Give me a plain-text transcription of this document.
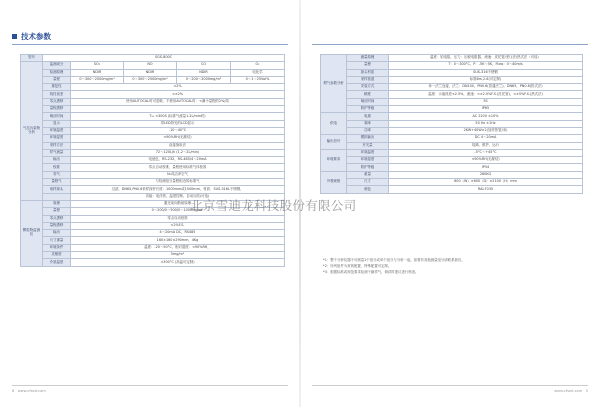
技术参数
型号	SGS-800C				
气态污染物分析	监测成分	SO₂	NO	CO	O₂
	检测原理	NDIR	NDIR	NDIR	电化学
	量程	0～300～2000mg/m³	0～300～2500mg/m³	0～200～2000mg/m³	0～1～25Vol%
	重复性	<2%			
	线性误差	<±2%			
	零点漂移	使用AUTOCAL时可忽略，不使用AUTOCAL时：<满小量程的2%/周			
	量程漂移				
	响应时间	T₉₀ <300S (标准气流量1.2L/min时)			
	显示	带LED背光的LCD显示			
	环境温度	-10～40°C			
	环境湿度	<90%RH(无凝结)			
	采样方法	直接抽取法			
	样气流量	72～120L/h (1.2～2L/min)			
	输出	电池色、RS-232、RS-485/4～20mA			
	校准	零点自动校准，量程使用标准气体校准			
	零气	N₂或洁净空气			
	量程气	与待测组分量程相近的标准气			
	取样探头	过滤、DN65,PN0.6采样探杆长度：1000mm或1500mm，材质：SUS-316L不锈钢，			
		功能：电伴热、温度控制、自动反吹(可选)			
颗粒物监测仪	原理	激光前向散射原理			
	量程	0～200/0～500/0～1000mg/m³			
	零点漂移	零点自动校准			
	量程漂移	<2%F.S.			
	输出	4～20mA DC，RS485			
	尺寸重量	160×160×290mm，4Kg			
	环境条件	温度：-20～50°C，相对湿度：<90%RH，			
	灵敏度	5mg/m³			
	介质温度	<300°C (高温可定制)			
烟气参数分析	测量原理	温度：铂电阻，压力：压敏电阻器，流速：皮托管/差压法/热式法（可选）
	量程	T：0～300°C，P：-5K～5K，Flow：0～40m/s
	探头材质	SUS-316不锈钢
	采样管道	标准6m,2.6(可定制)
	安装方式	单一法兰连接，法兰：DN100，PN0.6(普通法兰)，DN65，PN0.6(热式法)
	精度	温度：示值误差±2.5%，流速：<±2.5%F.S.(皮托管)，<±5%F.S.(热式法)
	响应时间	5S
	防护等级	IP65
供电	电源	AC 220V ±10%
	频率	50 Hz ±1Hz
	功率	2KW+40W×2(加伴热管/米)
输出信号	模拟输出	DC 4～20mA
	开关量	故障、维护、运行
环境要求	环境温度	-5°C～+45°C
	环境湿度	<90%RH(无凝结)
	防护等级	IP54
外观规格	重量	260KG
	尺寸	600（W）×600（D）×2100（H）mm
	颜色	RAL7035
*1：整个分析仪器不可测量1个组分或单个组分与分析一起，如要有其他测量组分请联系我们。
*2：所列组件为常规配置，特殊配置可定制。
*3：根据标准或规范要求检测干燥样气，调试时建议进行核查。
北京雪迪龙科技股份有限公司
6 www.cfsed.com	www.cfsed.com 5
